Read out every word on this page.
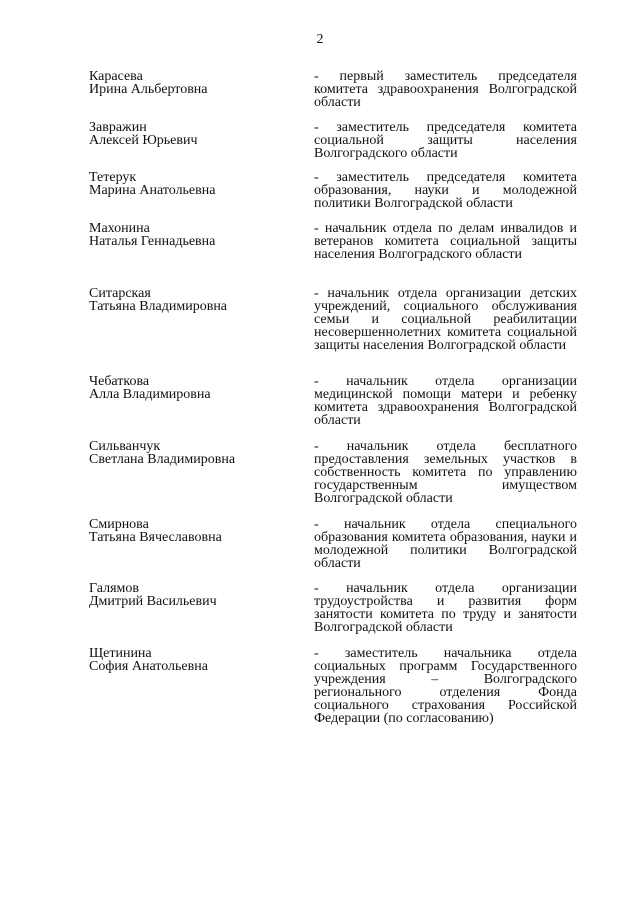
2
Карасева
Ирина Альбертовна
- первый заместитель председателя комитета здравоохранения Волгоградской области
Завражин
Алексей Юрьевич
- заместитель председателя комитета социальной защиты населения Волгоградского области
Тетерук
Марина Анатольевна
- заместитель председателя комитета образования, науки и молодежной политики Волгоградской области
Махонина
Наталья Геннадьевна
- начальник отдела по делам инвалидов и ветеранов комитета социальной защиты населения Волгоградского области
Ситарская
Татьяна Владимировна
- начальник отдела организации детских учреждений, социального обслуживания семьи и социальной реабилитации несовершеннолетних комитета социальной защиты населения Волгоградской области
Чебаткова
Алла Владимировна
- начальник отдела организации медицинской помощи матери и ребенку комитета здравоохранения Волгоградской области
Сильванчук
Светлана Владимировна
- начальник отдела бесплатного предоставления земельных участков в собственность комитета по управлению государственным имуществом Волгоградской области
Смирнова
Татьяна Вячеславовна
- начальник отдела специального образования комитета образования, науки и молодежной политики Волгоградской области
Галямов
Дмитрий Васильевич
- начальник отдела организации трудоустройства и развития форм занятости комитета по труду и занятости Волгоградской области
Щетинина
София Анатольевна
- заместитель начальника отдела социальных программ Государственного учреждения – Волгоградского регионального отделения Фонда социального страхования Российской Федерации (по согласованию)
